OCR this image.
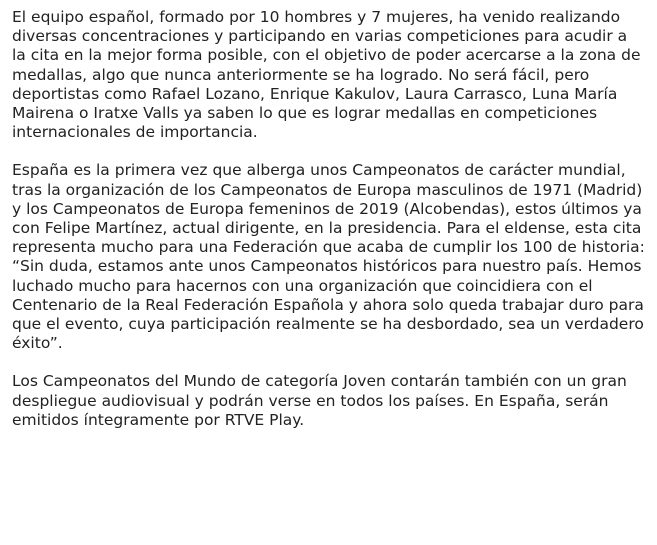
El equipo español, formado por 10 hombres y 7 mujeres, ha venido realizando diversas concentraciones y participando en varias competiciones para acudir a la cita en la mejor forma posible, con el objetivo de poder acercarse a la zona de medallas, algo que nunca anteriormente se ha logrado. No será fácil, pero deportistas como Rafael Lozano, Enrique Kakulov, Laura Carrasco, Luna María Mairena o Iratxe Valls ya saben lo que es lograr medallas en competiciones internacionales de importancia.

España es la primera vez que alberga unos Campeonatos de carácter mundial, tras la organización de los Campeonatos de Europa masculinos de 1971 (Madrid) y los Campeonatos de Europa femeninos de 2019 (Alcobendas), estos últimos ya con Felipe Martínez, actual dirigente, en la presidencia. Para el eldense, esta cita representa mucho para una Federación que acaba de cumplir los 100 de historia: “Sin duda, estamos ante unos Campeonatos históricos para nuestro país. Hemos luchado mucho para hacernos con una organización que coincidiera con el Centenario de la Real Federación Española y ahora solo queda trabajar duro para que el evento, cuya participación realmente se ha desbordado, sea un verdadero éxito”.

Los Campeonatos del Mundo de categoría Joven contarán también con un gran despliegue audiovisual y podrán verse en todos los países. En España, serán emitidos íntegramente por RTVE Play.
